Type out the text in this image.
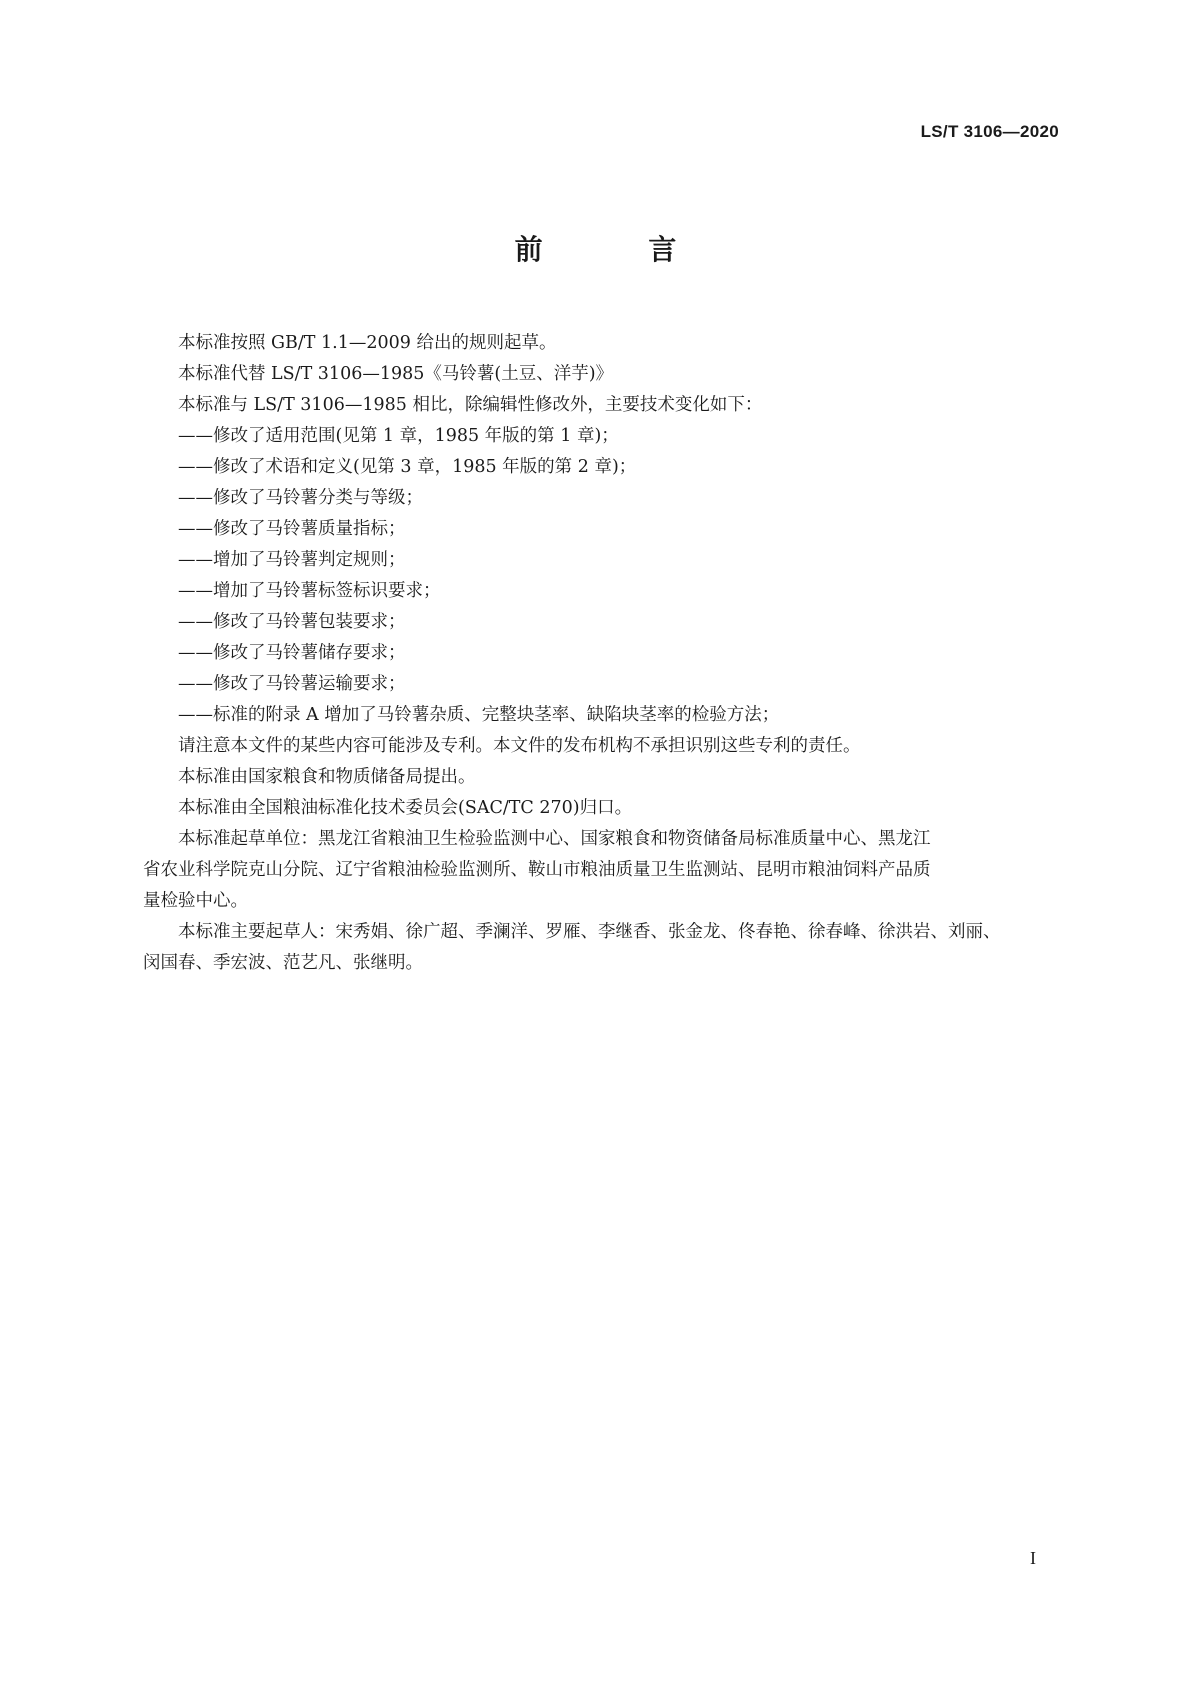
LS/T 3106—2020
前 言

本标准按照 GB/T 1.1—2009 给出的规则起草。

本标准代替 LS/T 3106—1985《马铃薯(土豆、洋芋)》

本标准与 LS/T 3106—1985 相比，除编辑性修改外，主要技术变化如下：

——修改了适用范围(见第 1 章，1985 年版的第 1 章)；

——修改了术语和定义(见第 3 章，1985 年版的第 2 章)；

——修改了马铃薯分类与等级；

——修改了马铃薯质量指标；

——增加了马铃薯判定规则；

——增加了马铃薯标签标识要求；

——修改了马铃薯包装要求；

——修改了马铃薯储存要求；

——修改了马铃薯运输要求；

——标准的附录 A 增加了马铃薯杂质、完整块茎率、缺陷块茎率的检验方法；

请注意本文件的某些内容可能涉及专利。本文件的发布机构不承担识别这些专利的责任。

本标准由国家粮食和物质储备局提出。

本标准由全国粮油标准化技术委员会(SAC/TC 270)归口。

本标准起草单位：黑龙江省粮油卫生检验监测中心、国家粮食和物资储备局标准质量中心、黑龙江

省农业科学院克山分院、辽宁省粮油检验监测所、鞍山市粮油质量卫生监测站、昆明市粮油饲料产品质

量检验中心。

本标准主要起草人：宋秀娟、徐广超、季澜洋、罗雁、李继香、张金龙、佟春艳、徐春峰、徐洪岩、刘丽、

闵国春、季宏波、范艺凡、张继明。

I
